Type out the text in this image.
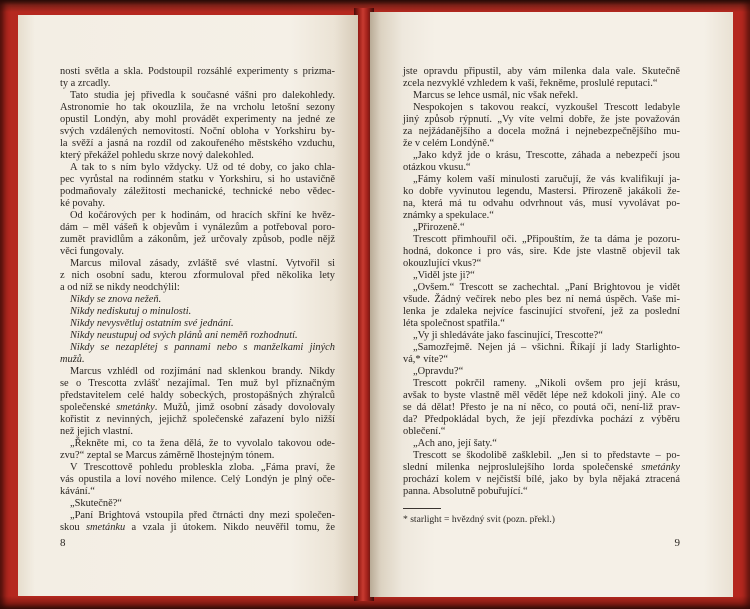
nosti světla a skla. Podstoupil rozsáhlé experimenty s prizma-
ty a zrcadly.
Tato studia jej přivedla k současné vášni pro dalekohledy.
Astronomie ho tak okouzlila, že na vrcholu letošní sezony
opustil Londýn, aby mohl provádět experimenty na jedné ze
svých vzdálených nemovitostí. Noční obloha v Yorkshiru by-
la svěží a jasná na rozdíl od zakouřeného městského vzduchu,
který překážel pohledu skrze nový dalekohled.
A tak to s ním bylo vždycky. Už od té doby, co jako chla-
pec vyrůstal na rodinném statku v Yorkshiru, si ho ustavičně
podmaňovaly záležitosti mechanické, technické nebo vědec-
ké povahy.
Od kočárových per k hodinám, od hracích skříní ke hvěz-
dám – měl vášeň k objevům i vynálezům a potřeboval poro-
zumět pravidlům a zákonům, jež určovaly způsob, podle nějž
věci fungovaly.
Marcus miloval zásady, zvláště své vlastní. Vytvořil si
z nich osobní sadu, kterou zformuloval před několika lety
a od níž se nikdy neodchýlil:
Nikdy se znova nežeň.
Nikdy nediskutuj o minulosti.
Nikdy nevysvětluj ostatním své jednání.
Nikdy neustupuj od svých plánů ani neměň rozhodnutí.
Nikdy se nezaplétej s pannami nebo s manželkami jiných
mužů.
Marcus vzhlédl od rozjímání nad sklenkou brandy. Nikdy
se o Trescotta zvlášť nezajímal. Ten muž byl příznačným
představitelem celé haldy sobeckých, prostopášných zhýralců
společenské smetánky. Mužů, jimž osobní zásady dovolovaly
kořistit z nevinných, jejichž společenské zařazení bylo nižší
než jejich vlastní.
„Řekněte mi, co ta žena dělá, že to vyvolalo takovou ode-
zvu?“ zeptal se Marcus záměrně lhostejným tónem.
V Trescottově pohledu probleskla zloba. „Fáma praví, že
vás opustila a loví nového milence. Celý Londýn je plný oče-
kávání.“
„Skutečně?“
„Paní Brightová vstoupila před čtrnácti dny mezi společen-
skou smetánku a vzala ji útokem. Nikdo neuvěřil tomu, že
8
jste opravdu připustil, aby vám milenka dala vale. Skutečně
zcela nezvyklé vzhledem k vaší, řekněme, proslulé reputaci.“
Marcus se lehce usmál, nic však neřekl.
Nespokojen s takovou reakcí, vyzkoušel Trescott ledabyle
jiný způsob rýpnutí. „Vy víte velmi dobře, že jste považován
za nejžádanějšího a docela možná i nejnebezpečnějšího mu-
že v celém Londýně.“
„Jako když jde o krásu, Trescotte, záhada a nebezpečí jsou
otázkou vkusu.“
„Fámy kolem vaší minulosti zaručují, že vás kvalifikují ja-
ko dobře vyvinutou legendu, Mastersi. Přirozeně jakákoli že-
na, která má tu odvahu odvrhnout vás, musí vyvolávat po-
známky a spekulace.“
„Přirozeně.“
Trescott přimhouřil oči. „Připouštím, že ta dáma je pozoru-
hodná, dokonce i pro vás, sire. Kde jste vlastně objevil tak
okouzlující vkus?“
„Viděl jste ji?“
„Ovšem.“ Trescott se zachechtal. „Paní Brightovou je vidět
všude. Žádný večírek nebo ples bez ní nemá úspěch. Vaše mi-
lenka je zdaleka nejvíce fascinující stvoření, jež za poslední
léta společnost spatřila.“
„Vy ji shledáváte jako fascinující, Trescotte?“
„Samozřejmě. Nejen já – všichni. Říkají jí lady Starlighto-
vá,* víte?“
„Opravdu?“
Trescott pokrčil rameny. „Nikoli ovšem pro její krásu,
avšak to byste vlastně měl vědět lépe než kdokoli jiný. Ale co
se dá dělat! Přesto je na ní něco, co poutá oči, není-liž prav-
da? Předpokládal bych, že její přezdívka pochází z výběru
oblečení.“
„Ach ano, její šaty.“
Trescott se škodolibě zašklebil. „Jen si to představte – po-
slední milenka nejproslulejšího lorda společenské smetánky
prochází kolem v nejčistší bílé, jako by byla nějaká ztracená
panna. Absolutně pobuřující.“
* starlight = hvězdný svit (pozn. překl.)
9
